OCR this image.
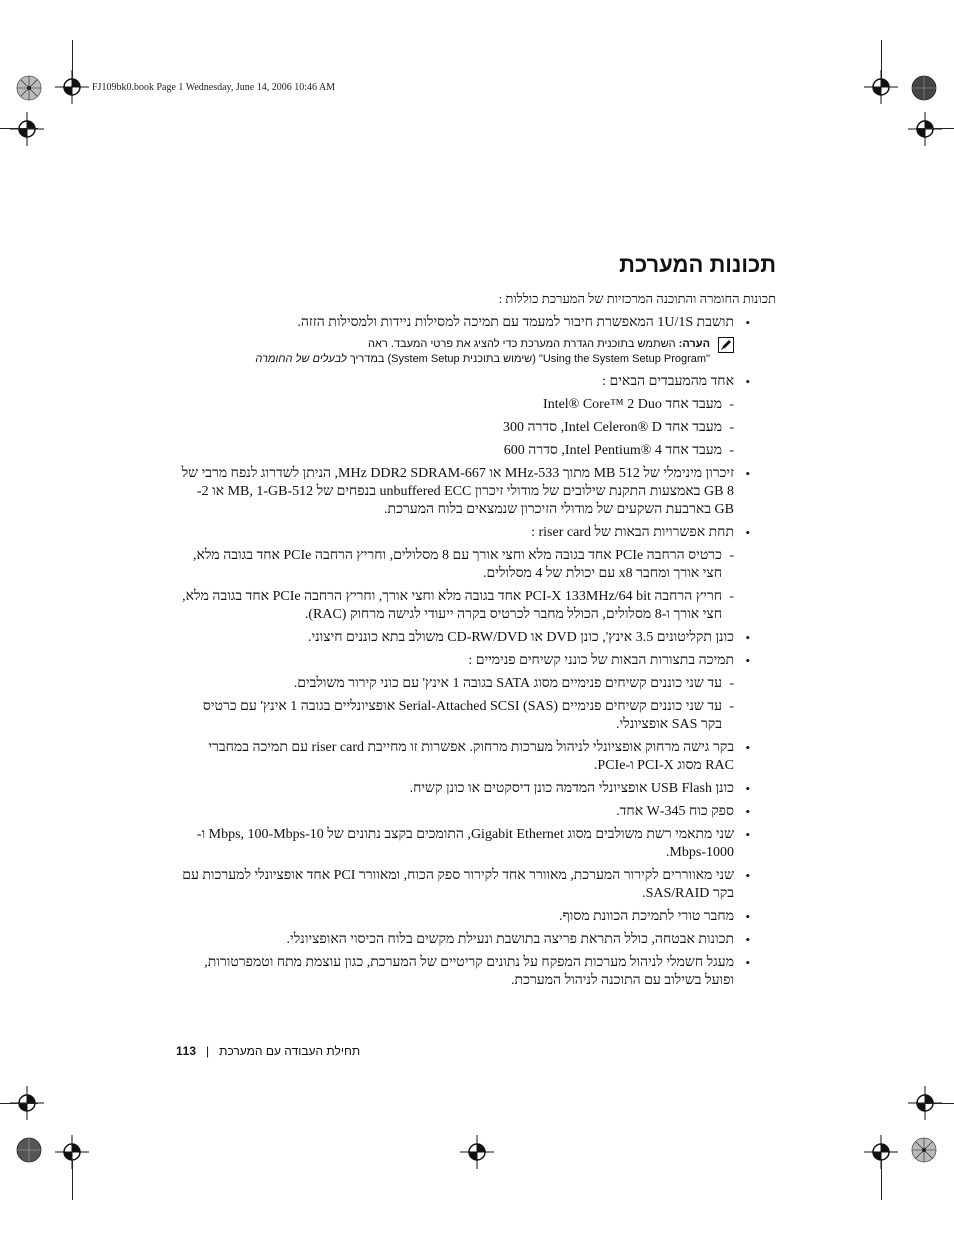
FJ109bk0.book Page 1 Wednesday, June 14, 2006 10:46 AM
תכונות המערכת

תכונות החומרה והתוכנה המרכזיות של המערכת כוללות :

• תושבת 1U/1S המאפשרת חיבור למעמד עם תמיכה למסילות ניידות ולמסילות הזזה.
הערה: השתמש בתוכנית הגדרת המערכת כדי להציג את פרטי המעבד. ראה
"Using the System Setup Program" (שימוש בתוכנית System Setup) במדריך לבעלים של החומרה
• אחד מהמעבדים הבאים :
- מעבד אחד Intel® Core™ 2 Duo
- מעבד אחד Intel Celeron® D, סדרה 300
- מעבד אחד Intel Pentium® 4, סדרה 600
• זיכרון מינימלי של 512 MB מתוך 533-MHz או 667-MHz DDR2 SDRAM, הניתן לשדרוג לנפח מרבי של 8 GB באמצעות התקנת שילובים של מודולי זיכרון unbuffered ECC בנפחים של 512-MB, 1-GB או 2-GB בארבעת השקעים של מודולי הזיכרון שנמצאים בלוח המערכת.
• תחת אפשרויות הבאות של riser card :
- כרטיס הרחבה PCIe אחד בגובה מלא וחצי אורך עם 8 מסלולים, וחריץ הרחבה PCIe אחד בגובה מלא, חצי אורך ומחבר x8 עם יכולת של 4 מסלולים.
- חריץ הרחבה PCI-X 133MHz/64 bit אחד בגובה מלא וחצי אורך, וחריץ הרחבה PCIe אחד בגובה מלא, חצי אורך ו-8 מסלולים, הכולל מחבר לכרטיס בקרה ייעודי לגישה מרחוק (RAC).
• כונן תקליטונים 3.5 אינץ', כונן DVD או CD-RW/DVD משולב בתא כוננים חיצוני.
• תמיכה בתצורות הבאות של כונני קשיחים פנימיים :
- עד שני כוננים קשיחים פנימיים מסוג SATA בגובה 1 אינץ' עם כוני קירור משולבים.
- עד שני כוננים קשיחים פנימיים Serial-Attached SCSI (SAS) אופציונליים בגובה 1 אינץ' עם כרטיס בקר SAS אופציונלי.
• בקר גישה מרחוק אופציונלי לניהול מערכות מרחוק. אפשרות זו מחייבת riser card עם תמיכה במחברי RAC מסוג PCI-X ו-PCIe.
• כונן USB Flash אופציונלי המדמה כונן דיסקטים או כונן קשיח.
• ספק כוח 345-W אחד.
• שני מתאמי רשת משולבים מסוג Gigabit Ethernet, התומכים בקצב נתונים של 10-Mbps, 100-Mbps ו- 1000-Mbps.
• שני מאווררים לקירור המערכת, מאוורר אחד לקירור ספק הכוח, ומאוורר PCI אחד אופציונלי למערכות עם בקר SAS/RAID.
• מחבר טורי לתמיכת הכוונת מסוף.
• תכונות אבטחה, כולל התראת פריצה בתושבת ונעילת מקשים בלוח הכיסוי האופציונלי.
• מעגל חשמלי לניהול מערכות המפקח על נתונים קריטיים של המערכת, כגון עוצמת מתח וטמפרטורות, ופועל בשילוב עם התוכנה לניהול המערכת.
113 | תחילת העבודה עם המערכת
